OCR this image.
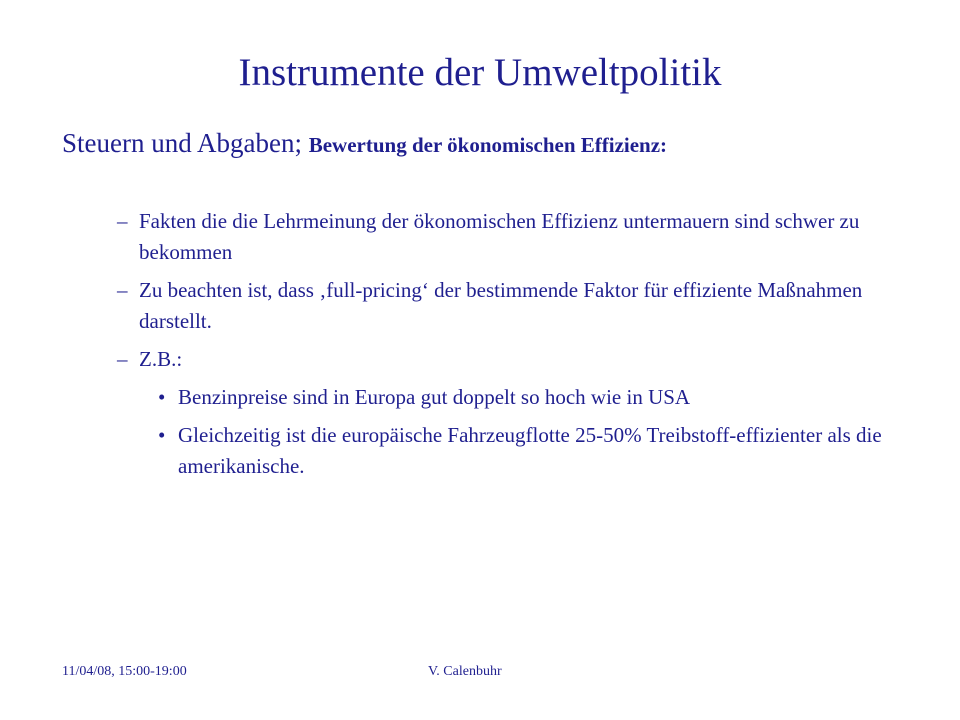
Instrumente der Umweltpolitik
Steuern und Abgaben; Bewertung der ökonomischen Effizienz:
– Fakten die die Lehrmeinung der ökonomischen Effizienz untermauern sind schwer zu bekommen
– Zu beachten ist, dass ‚full-pricing‘ der bestimmende Faktor für effiziente Maßnahmen darstellt.
– Z.B.:
• Benzinpreise sind in Europa gut doppelt so hoch wie in USA
• Gleichzeitig ist die europäische Fahrzeugflotte 25-50% Treibstoff-effizienter als die amerikanische.
11/04/08, 15:00-19:00	V. Calenbuhr
